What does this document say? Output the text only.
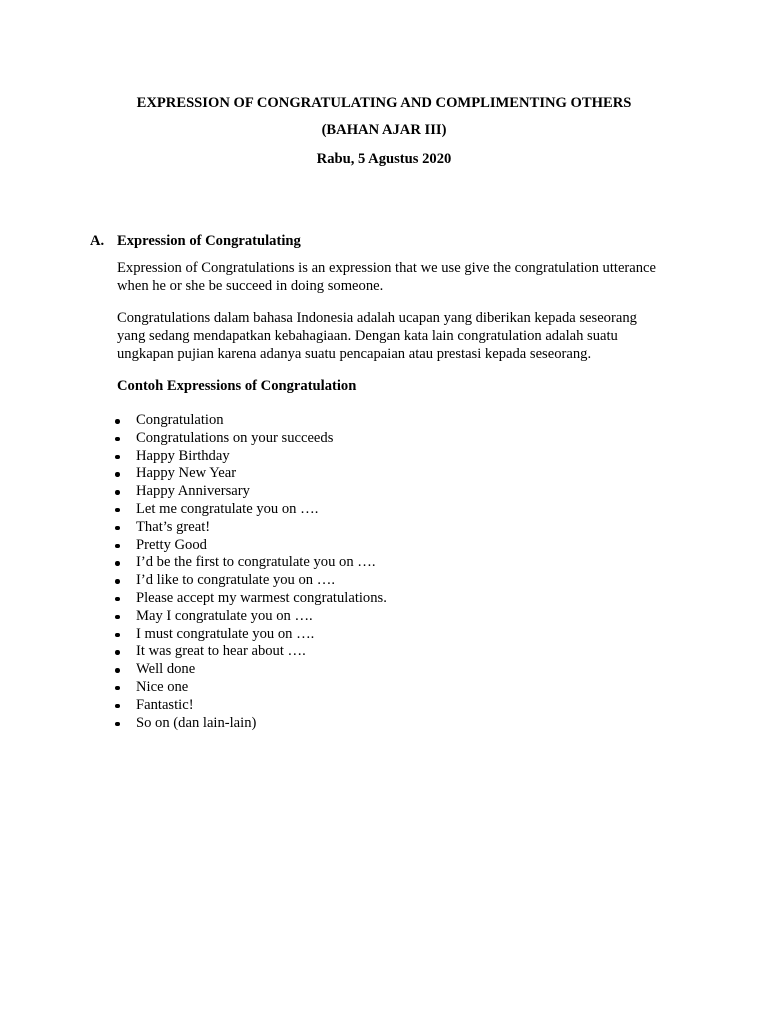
EXPRESSION OF CONGRATULATING AND COMPLIMENTING OTHERS
(BAHAN AJAR III)
Rabu, 5 Agustus 2020
A. Expression of Congratulating
Expression of Congratulations is an expression that we use give the congratulation utterance
when he or she be succeed in doing someone.
Congratulations dalam bahasa Indonesia adalah ucapan yang diberikan kepada seseorang
yang sedang mendapatkan kebahagiaan. Dengan kata lain congratulation adalah suatu
ungkapan pujian karena adanya suatu pencapaian atau prestasi kepada seseorang.
Contoh Expressions of Congratulation
Congratulation
Congratulations on your succeeds
Happy Birthday
Happy New Year
Happy Anniversary
Let me congratulate you on ….
That’s great!
Pretty Good
I’d be the first to congratulate you on ….
I’d like to congratulate you on ….
Please accept my warmest congratulations.
May I congratulate you on ….
I must congratulate you on ….
It was great to hear about ….
Well done
Nice one
Fantastic!
So on (dan lain-lain)
